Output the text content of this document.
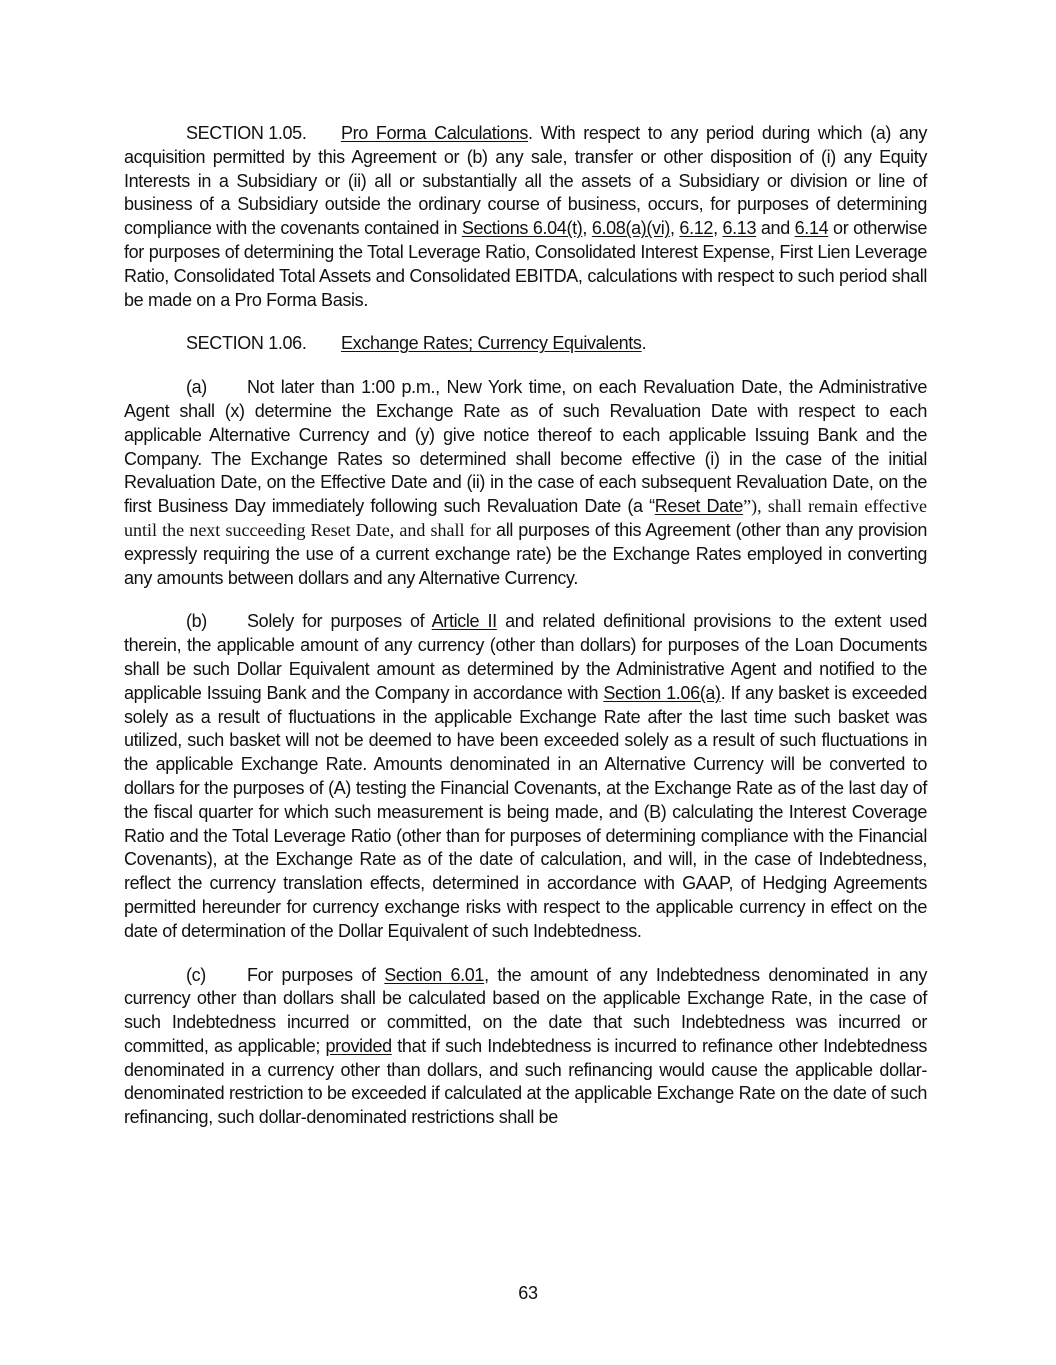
SECTION 1.05. Pro Forma Calculations. With respect to any period during which (a) any acquisition permitted by this Agreement or (b) any sale, transfer or other disposition of (i) any Equity Interests in a Subsidiary or (ii) all or substantially all the assets of a Subsidiary or division or line of business of a Subsidiary outside the ordinary course of business, occurs, for purposes of determining compliance with the covenants contained in Sections 6.04(t), 6.08(a)(vi), 6.12, 6.13 and 6.14 or otherwise for purposes of determining the Total Leverage Ratio, Consolidated Interest Expense, First Lien Leverage Ratio, Consolidated Total Assets and Consolidated EBITDA, calculations with respect to such period shall be made on a Pro Forma Basis.

SECTION 1.06. Exchange Rates; Currency Equivalents.

(a) Not later than 1:00 p.m., New York time, on each Revaluation Date, the Administrative Agent shall (x) determine the Exchange Rate as of such Revaluation Date with respect to each applicable Alternative Currency and (y) give notice thereof to each applicable Issuing Bank and the Company. The Exchange Rates so determined shall become effective (i) in the case of the initial Revaluation Date, on the Effective Date and (ii) in the case of each subsequent Revaluation Date, on the first Business Day immediately following such Revaluation Date (a “Reset Date”), shall remain effective until the next succeeding Reset Date, and shall for all purposes of this Agreement (other than any provision expressly requiring the use of a current exchange rate) be the Exchange Rates employed in converting any amounts between dollars and any Alternative Currency.

(b) Solely for purposes of Article II and related definitional provisions to the extent used therein, the applicable amount of any currency (other than dollars) for purposes of the Loan Documents shall be such Dollar Equivalent amount as determined by the Administrative Agent and notified to the applicable Issuing Bank and the Company in accordance with Section 1.06(a). If any basket is exceeded solely as a result of fluctuations in the applicable Exchange Rate after the last time such basket was utilized, such basket will not be deemed to have been exceeded solely as a result of such fluctuations in the applicable Exchange Rate. Amounts denominated in an Alternative Currency will be converted to dollars for the purposes of (A) testing the Financial Covenants, at the Exchange Rate as of the last day of the fiscal quarter for which such measurement is being made, and (B) calculating the Interest Coverage Ratio and the Total Leverage Ratio (other than for purposes of determining compliance with the Financial Covenants), at the Exchange Rate as of the date of calculation, and will, in the case of Indebtedness, reflect the currency translation effects, determined in accordance with GAAP, of Hedging Agreements permitted hereunder for currency exchange risks with respect to the applicable currency in effect on the date of determination of the Dollar Equivalent of such Indebtedness.

(c) For purposes of Section 6.01, the amount of any Indebtedness denominated in any currency other than dollars shall be calculated based on the applicable Exchange Rate, in the case of such Indebtedness incurred or committed, on the date that such Indebtedness was incurred or committed, as applicable; provided that if such Indebtedness is incurred to refinance other Indebtedness denominated in a currency other than dollars, and such refinancing would cause the applicable dollar-denominated restriction to be exceeded if calculated at the applicable Exchange Rate on the date of such refinancing, such dollar-denominated restrictions shall be

63
